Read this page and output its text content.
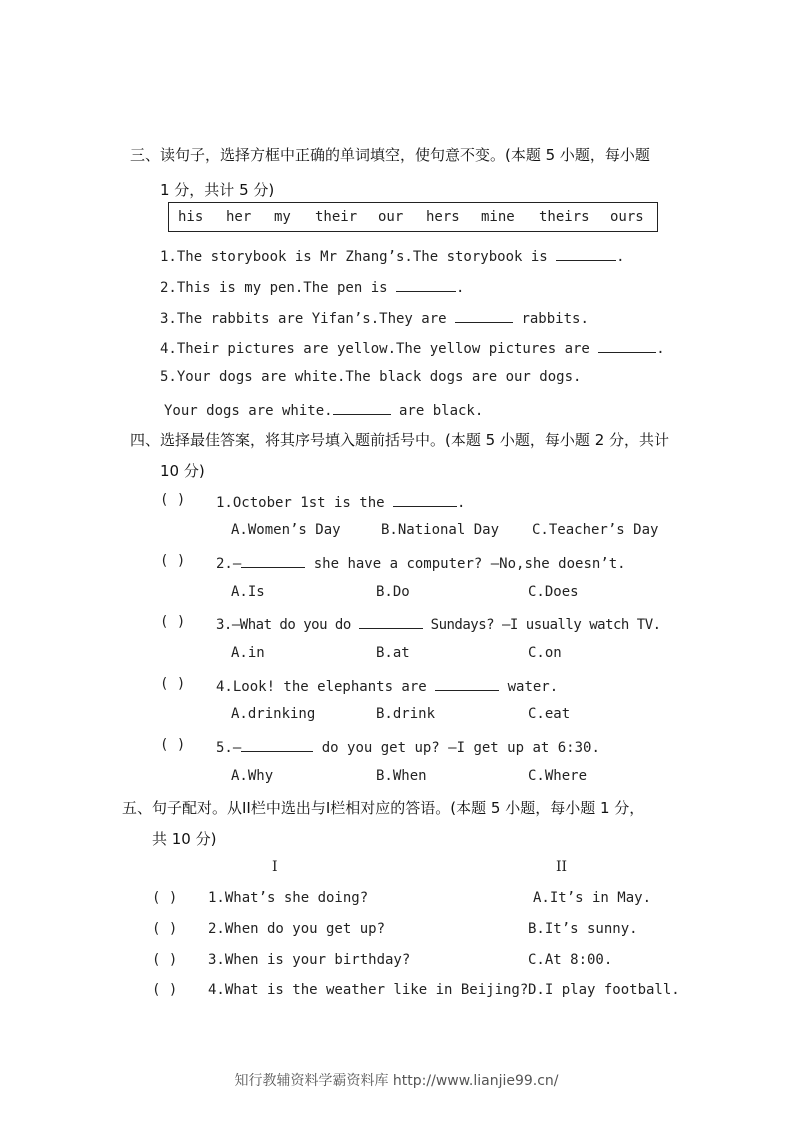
三、读句子，选择方框中正确的单词填空，使句意不变。(本题 5 小题，每小题
1 分，共计 5 分)
his her my their our hers mine theirs ours
1.The storybook is Mr Zhang’s.The storybook is	.
2.This is my pen.The pen is	.
3.The rabbits are Yifan’s.They are	rabbits.
4.Their pictures are yellow.The yellow pictures are	.
5.Your dogs are white.The black dogs are our dogs.
Your dogs are white.	are black.
四、选择最佳答案，将其序号填入题前括号中。(本题 5 小题，每小题 2 分，共计
10 分)
( ) 1.October 1st is the	.
A.Women’s Day	B.National Day C.Teacher’s Day
( ) 2.—	she have a computer? —No,she doesn’t.
A.Is	B.Do	C.Does
( ) 3.—What do you do	Sundays? —I usually watch TV.
A.in	B.at	C.on
( ) 4.Look! the elephants are	water.
A.drinking	B.drink	C.eat
( ) 5.—	do you get up? —I get up at 6:30.
A.Why	B.When	C.Where
五、句子配对。从II栏中选出与I栏相对应的答语。(本题 5 小题，每小题 1 分，
共 10 分)
I	II
( ) 1.What’s she doing?	A.It’s in May.
( ) 2.When do you get up?	B.It’s sunny.
( ) 3.When is your birthday?	C.At 8:00.
( ) 4.What is the weather like in Beijing? D.I play football.
知行教辅资料学霸资料库 http://www.lianjie99.cn/
